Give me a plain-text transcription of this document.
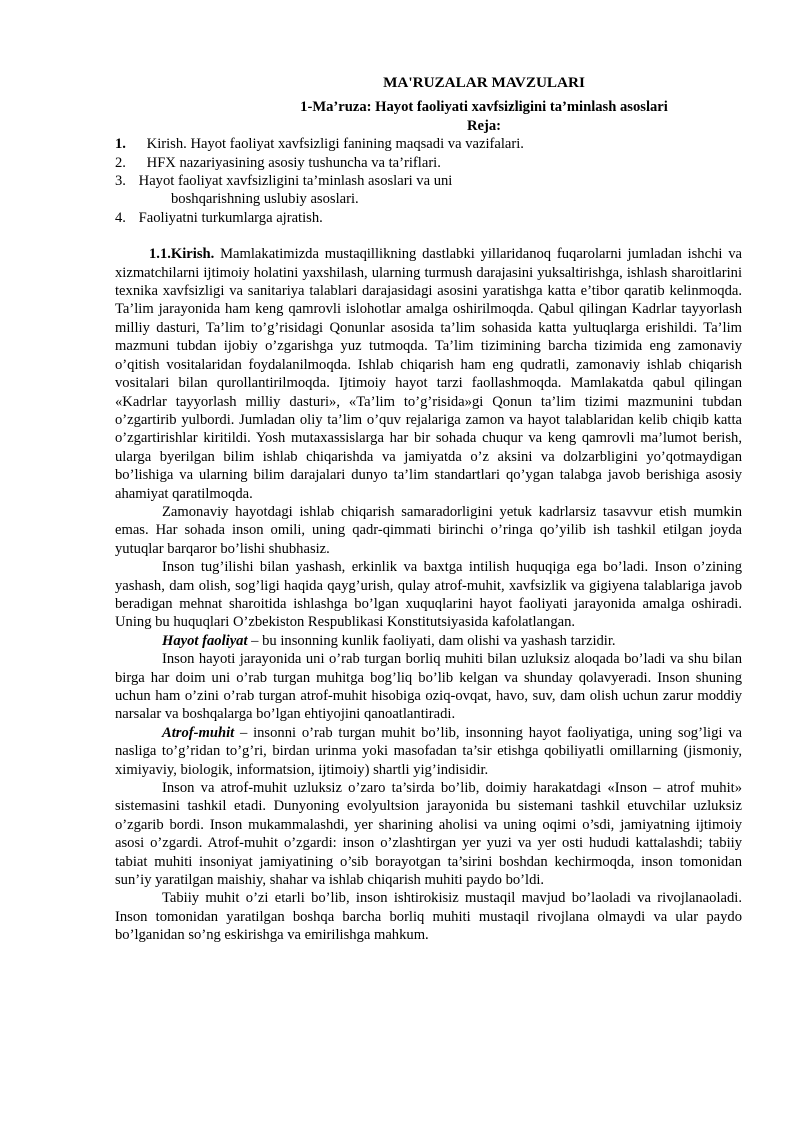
MA'RUZALAR MAVZULARI
1-Ma’ruza: Hayot faoliyati xavfsizligini ta’minlash asoslari
Reja:
1. Kirish. Hayot faoliyat xavfsizligi fanining maqsadi va vazifalari.
2. HFX nazariyasining asosiy tushuncha va ta’riflari.
3. Hayot faoliyat xavfsizligini ta’minlash asoslari va uni
boshqarishning uslubiy asoslari.
4. Faoliyatni turkumlarga ajratish.

1.1.Kirish. Mamlakatimizda mustaqillikning dastlabki yillaridanoq fuqarolarni jumladan ishchi va xizmatchilarni ijtimoiy holatini yaxshilash, ularning turmush darajasini yuksaltirishga, ishlash sharoitlarini texnika xavfsizligi va sanitariya talablari darajasidagi asosini yaratishga katta e’tibor qaratib kelinmoqda. Ta’lim jarayonida ham keng qamrovli islohotlar amalga oshirilmoqda. Qabul qilingan Kadrlar tayyorlash milliy dasturi, Ta’lim to’g’risidagi Qonunlar asosida ta’lim sohasida katta yultuqlarga erishildi. Ta’lim mazmuni tubdan ijobiy o’zgarishga yuz tutmoqda. Ta’lim tizimining barcha tizimida eng zamonaviy o’qitish vositalaridan foydalanilmoqda. Ishlab chiqarish ham eng qudratli, zamonaviy ishlab chiqarish vositalari bilan qurollantirilmoqda. Ijtimoiy hayot tarzi faollashmoqda. Mamlakatda qabul qilingan «Kadrlar tayyorlash milliy dasturi», «Ta’lim to’g’risida»gi Qonun ta’lim tizimi mazmunini tubdan o’zgartirib yulbordi. Jumladan oliy ta’lim o’quv rejalariga zamon va hayot talablaridan kelib chiqib katta o’zgartirishlar kiritildi. Yosh mutaxassislarga har bir sohada chuqur va keng qamrovli ma’lumot berish, ularga byerilgan bilim ishlab chiqarishda va jamiyatda o’z aksini va dolzarbligini yo’qotmaydigan bo’lishiga va ularning bilim darajalari dunyo ta’lim standartlari qo’ygan talabga javob berishiga asosiy ahamiyat qaratilmoqda.

Zamonaviy hayotdagi ishlab chiqarish samaradorligini yetuk kadrlarsiz tasavvur etish mumkin emas. Har sohada inson omili, uning qadr-qimmati birinchi o’ringa qo’yilib ish tashkil etilgan joyda yutuqlar barqaror bo’lishi shubhasiz.

Inson tug’ilishi bilan yashash, erkinlik va baxtga intilish huquqiga ega bo’ladi. Inson o’zining yashash, dam olish, sog’ligi haqida qayg’urish, qulay atrof-muhit, xavfsizlik va gigiyena talablariga javob beradigan mehnat sharoitida ishlashga bo’lgan xuquqlarini hayot faoliyati jarayonida amalga oshiradi. Uning bu huquqlari O’zbekiston Respublikasi Konstitutsiyasida kafolatlangan.

Hayot faoliyat – bu insonning kunlik faoliyati, dam olishi va yashash tarzidir.

Inson hayoti jarayonida uni o’rab turgan borliq muhiti bilan uzluksiz aloqada bo’ladi va shu bilan birga har doim uni o’rab turgan muhitga bog’liq bo’lib kelgan va shunday qolavyeradi. Inson shuning uchun ham o’zini o’rab turgan atrof-muhit hisobiga oziq-ovqat, havo, suv, dam olish uchun zarur moddiy narsalar va boshqalarga bo’lgan ehtiyojini qanoatlantiradi.

Atrof-muhit – insonni o’rab turgan muhit bo’lib, insonning hayot faoliyatiga, uning sog’ligi va nasliga to’g’ridan to’g’ri, birdan urinma yoki masofadan ta’sir etishga qobiliyatli omillarning (jismoniy, ximiyaviy, biologik, informatsion, ijtimoiy) shartli yig’indisidir.

Inson va atrof-muhit uzluksiz o’zaro ta’sirda bo’lib, doimiy harakatdagi «Inson – atrof muhit» sistemasini tashkil etadi. Dunyoning evolyultsion jarayonida bu sistemani tashkil etuvchilar uzluksiz o’zgarib bordi. Inson mukammalashdi, yer sharining aholisi va uning oqimi o’sdi, jamiyatning ijtimoiy asosi o’zgardi. Atrof-muhit o’zgardi: inson o’zlashtirgan yer yuzi va yer osti hududi kattalashdi; tabiiy tabiat muhiti insoniyat jamiyatining o’sib borayotgan ta’sirini boshdan kechirmoqda, inson tomonidan sun’iy yaratilgan maishiy, shahar va ishlab chiqarish muhiti paydo bo’ldi.

Tabiiy muhit o’zi etarli bo’lib, inson ishtirokisiz mustaqil mavjud bo’laoladi va rivojlanaoladi. Inson tomonidan yaratilgan boshqa barcha borliq muhiti mustaqil rivojlana olmaydi va ular paydo bo’lganidan so’ng eskirishga va emirilishga mahkum.
